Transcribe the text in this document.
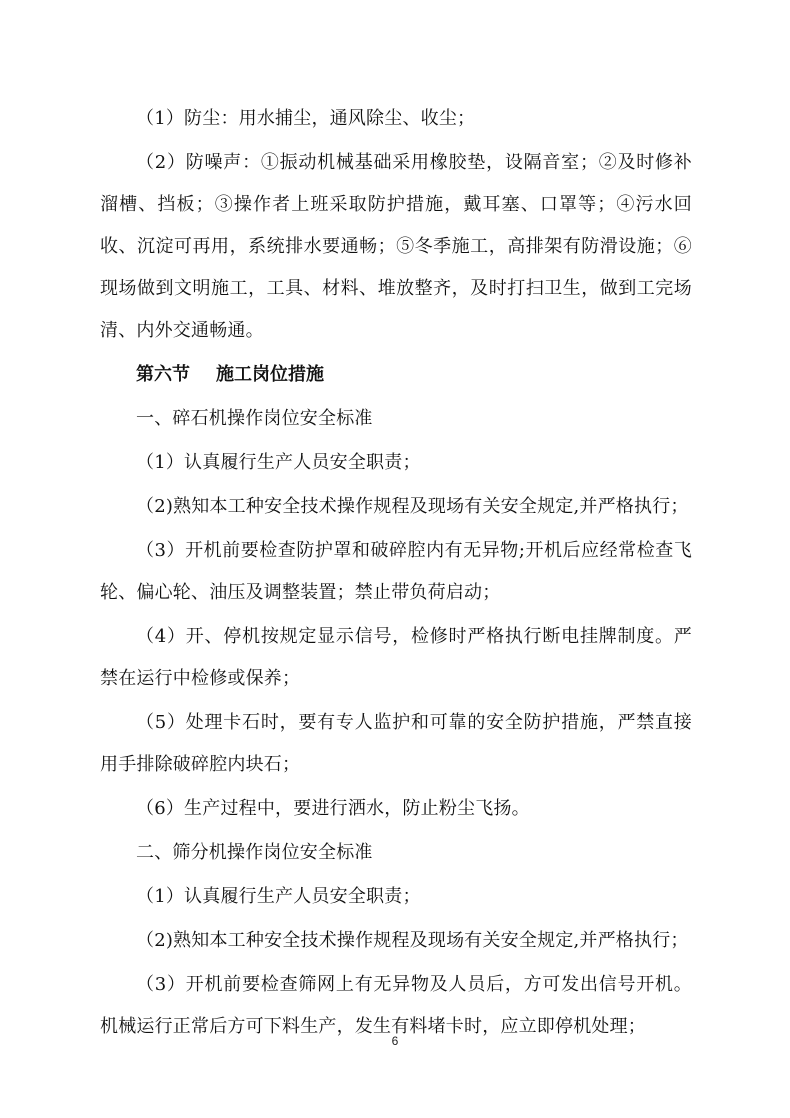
（1）防尘：用水捕尘，通风除尘、收尘；

（2）防噪声：①振动机械基础采用橡胶垫，设隔音室；②及时修补溜槽、挡板；③操作者上班采取防护措施，戴耳塞、口罩等；④污水回收、沉淀可再用，系统排水要通畅；⑤冬季施工，高排架有防滑设施；⑥现场做到文明施工，工具、材料、堆放整齐，及时打扫卫生，做到工完场清、内外交通畅通。

第六节 施工岗位措施

一、碎石机操作岗位安全标准

（1）认真履行生产人员安全职责；

（2)熟知本工种安全技术操作规程及现场有关安全规定,并严格执行；

（3）开机前要检查防护罩和破碎腔内有无异物;开机后应经常检查飞轮、偏心轮、油压及调整装置；禁止带负荷启动；

（4）开、停机按规定显示信号，检修时严格执行断电挂牌制度。严禁在运行中检修或保养；

（5）处理卡石时，要有专人监护和可靠的安全防护措施，严禁直接用手排除破碎腔内块石；

（6）生产过程中，要进行洒水，防止粉尘飞扬。

二、筛分机操作岗位安全标准

（1）认真履行生产人员安全职责；

（2)熟知本工种安全技术操作规程及现场有关安全规定,并严格执行；

（3）开机前要检查筛网上有无异物及人员后，方可发出信号开机。机械运行正常后方可下料生产，发生有料堵卡时，应立即停机处理；

6
